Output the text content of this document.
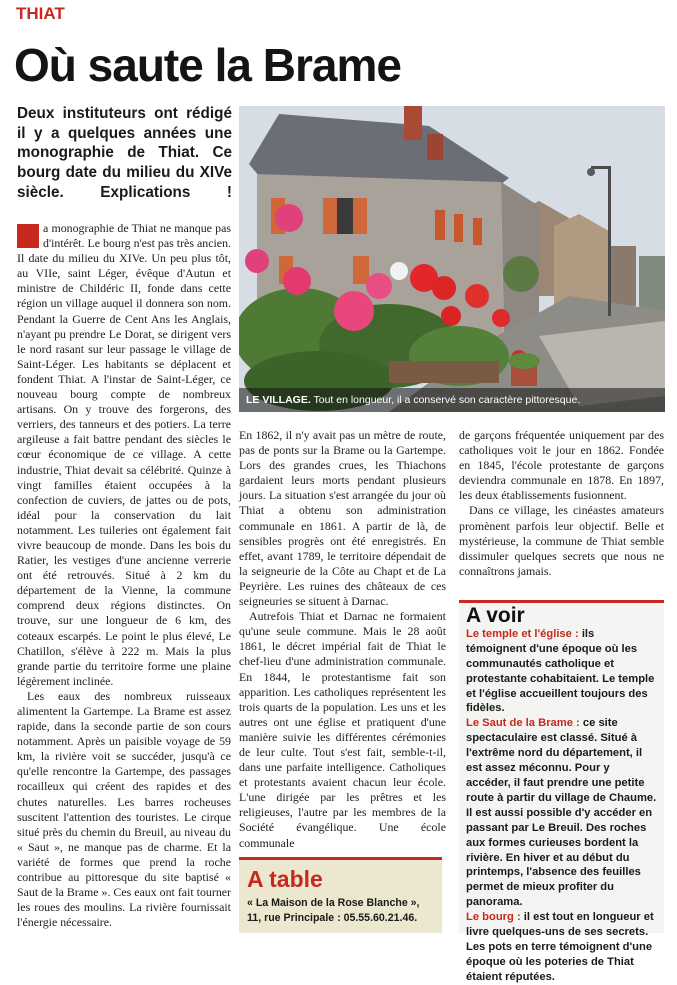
THIAT
Où saute la Brame
Deux instituteurs ont rédigé il y a quelques années une monographie de Thiat. Ce bourg date du milieu du XIVe siècle. Explications !
LE VILLAGE. Tout en longueur, il a conservé son caractère pittoresque.

a monographie de Thiat ne manque pas d'intérêt. Le bourg n'est pas très ancien. Il date du milieu du XIVe. Un peu plus tôt, au VIIe, saint Léger, évêque d'Autun et ministre de Childéric II, fonde dans cette région un village auquel il donnera son nom. Pendant la Guerre de Cent Ans les Anglais, n'ayant pu prendre Le Dorat, se dirigent vers le nord rasant sur leur passage le village de Saint-Léger. Les habitants se déplacent et fondent Thiat. A l'instar de Saint-Léger, ce nouveau bourg compte de nombreux artisans. On y trouve des forgerons, des verriers, des tanneurs et des potiers. La terre argileuse a fait battre pendant des siècles le cœur économique de ce village. A cette industrie, Thiat devait sa célébrité. Quinze à vingt familles étaient occupées à la confection de cuviers, de jattes ou de pots, idéal pour la conservation du lait notamment. Les tuileries ont également fait vivre beaucoup de monde. Dans les bois du Ratier, les vestiges d'une ancienne verrerie ont été retrouvés. Situé à 2 km du département de la Vienne, la commune comprend deux régions distinctes. On trouve, sur une longueur de 6 km, des coteaux escarpés. Le point le plus élevé, Le Chatillon, s'élève à 222 m. Mais la plus grande partie du territoire forme une plaine légèrement inclinée.

Les eaux des nombreux ruisseaux alimentent la Gartempe. La Brame est assez rapide, dans la seconde partie de son cours notamment. Après un paisible voyage de 59 km, la rivière voit se succéder, jusqu'à ce qu'elle rencontre la Gartempe, des passages rocailleux qui créent des rapides et des chutes naturelles. Les barres rocheuses suscitent l'attention des touristes. Le cirque situé près du chemin du Breuil, au niveau du « Saut », ne manque pas de charme. Et la variété de formes que prend la roche contribue au pittoresque du site baptisé « Saut de la Brame ». Ces eaux ont fait tourner les roues des moulins. La rivière fournissait l'énergie nécessaire.

En 1862, il n'y avait pas un mètre de route, pas de ponts sur la Brame ou la Gartempe. Lors des grandes crues, les Thiachons gardaient leurs morts pendant plusieurs jours. La situation s'est arrangée du jour où Thiat a obtenu son administration communale en 1861. A partir de là, de sensibles progrès ont été enregistrés. En effet, avant 1789, le territoire dépendait de la seigneurie de la Côte au Chapt et de La Peyrière. Les ruines des châteaux de ces seigneuries se situent à Darnac.

Autrefois Thiat et Darnac ne formaient qu'une seule commune. Mais le 28 août 1861, le décret impérial fait de Thiat le chef-lieu d'une administration communale. En 1844, le protestantisme fait son apparition. Les catholiques représentent les trois quarts de la population. Les uns et les autres ont une église et pratiquent d'une manière suivie les différentes cérémonies de leur culte. Tout s'est fait, semble-t-il, dans une parfaite intelligence. Catholiques et protestants avaient chacun leur école. L'une dirigée par les prêtres et les religieuses, l'autre par les membres de la Société évangélique. Une école communale

de garçons fréquentée uniquement par des catholiques voit le jour en 1862. Fondée en 1845, l'école protestante de garçons deviendra communale en 1878. En 1897, les deux établissements fusionnent.

Dans ce village, les cinéastes amateurs promènent parfois leur objectif. Belle et mystérieuse, la commune de Thiat semble dissimuler quelques secrets que nous ne connaîtrons jamais.

A voir

Le temple et l'église : ils témoignent d'une époque où les communautés catholique et protestante cohabitaient. Le temple et l'église accueillent toujours des fidèles.

Le Saut de la Brame : ce site spectaculaire est classé. Situé à l'extrême nord du département, il est assez méconnu. Pour y accéder, il faut prendre une petite route à partir du village de Chaume. Il est aussi possible d'y accéder en passant par Le Breuil. Des roches aux formes curieuses bordent la rivière. En hiver et au début du printemps, l'absence des feuilles permet de mieux profiter du panorama.

Le bourg : il est tout en longueur et livre quelques-uns de ses secrets. Les pots en terre témoignent d'une époque où les poteries de Thiat étaient réputées.

A table

« La Maison de la Rose Blanche », 11, rue Principale : 05.55.60.21.46.
